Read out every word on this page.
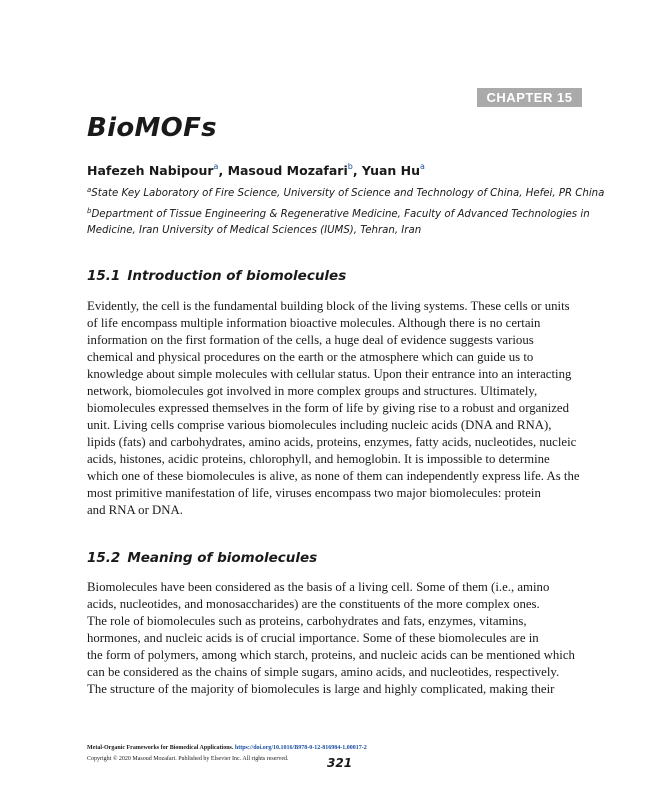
CHAPTER 15
BioMOFs
Hafezeh Nabipour$^a$, Masoud Mozafari$^b$, Yuan Hu$^a$
$^a$State Key Laboratory of Fire Science, University of Science and Technology of China, Hefei, PR China
$^b$Department of Tissue Engineering & Regenerative Medicine, Faculty of Advanced Technologies in
Medicine, Iran University of Medical Sciences (IUMS), Tehran, Iran
15.1 Introduction of biomolecules
Evidently, the cell is the fundamental building block of the living systems. These cells or units
of life encompass multiple information bioactive molecules. Although there is no certain
information on the first formation of the cells, a huge deal of evidence suggests various
chemical and physical procedures on the earth or the atmosphere which can guide us to
knowledge about simple molecules with cellular status. Upon their entrance into an interacting
network, biomolecules got involved in more complex groups and structures. Ultimately,
biomolecules expressed themselves in the form of life by giving rise to a robust and organized
unit. Living cells comprise various biomolecules including nucleic acids (DNA and RNA),
lipids (fats) and carbohydrates, amino acids, proteins, enzymes, fatty acids, nucleotides, nucleic
acids, histones, acidic proteins, chlorophyll, and hemoglobin. It is impossible to determine
which one of these biomolecules is alive, as none of them can independently express life. As the
most primitive manifestation of life, viruses encompass two major biomolecules: protein
and RNA or DNA.
15.2 Meaning of biomolecules
Biomolecules have been considered as the basis of a living cell. Some of them (i.e., amino
acids, nucleotides, and monosaccharides) are the constituents of the more complex ones.
The role of biomolecules such as proteins, carbohydrates and fats, enzymes, vitamins,
hormones, and nucleic acids is of crucial importance. Some of these biomolecules are in
the form of polymers, among which starch, proteins, and nucleic acids can be mentioned which
can be considered as the chains of simple sugars, amino acids, and nucleotides, respectively.
The structure of the majority of biomolecules is large and highly complicated, making their
Metal-Organic Frameworks for Biomedical Applications. https://doi.org/10.1016/B978-0-12-816984-1.00017-2
Copyright © 2020 Masoud Mozafari. Published by Elsevier Inc. All rights reserved.	321
